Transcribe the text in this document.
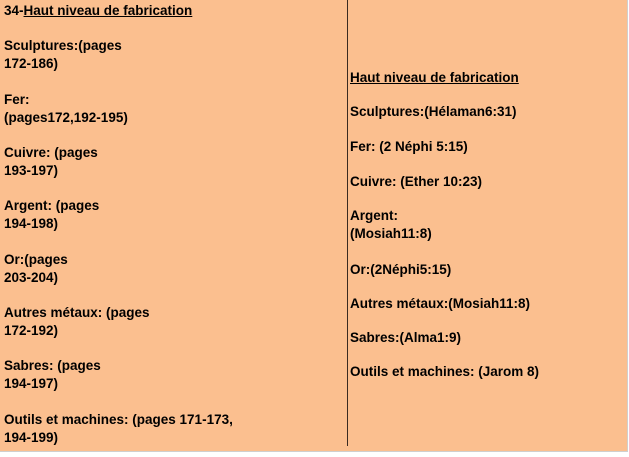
34-Haut niveau de fabrication
Sculptures:(pages
172-186)
Fer:
(pages172,192-195)
Cuivre: (pages
193-197)
Argent: (pages
194-198)
Or:(pages
203-204)
Autres métaux: (pages
172-192)
Sabres: (pages
194-197)
Outils et machines: (pages 171-173,
194-199)
Haut niveau de fabrication
Sculptures:(Hélaman6:31)
Fer: (2 Néphi 5:15)
Cuivre: (Ether 10:23)
Argent:
(Mosiah11:8)
Or:(2Néphi5:15)
Autres métaux:(Mosiah11:8)
Sabres:(Alma1:9)
Outils et machines: (Jarom 8)
